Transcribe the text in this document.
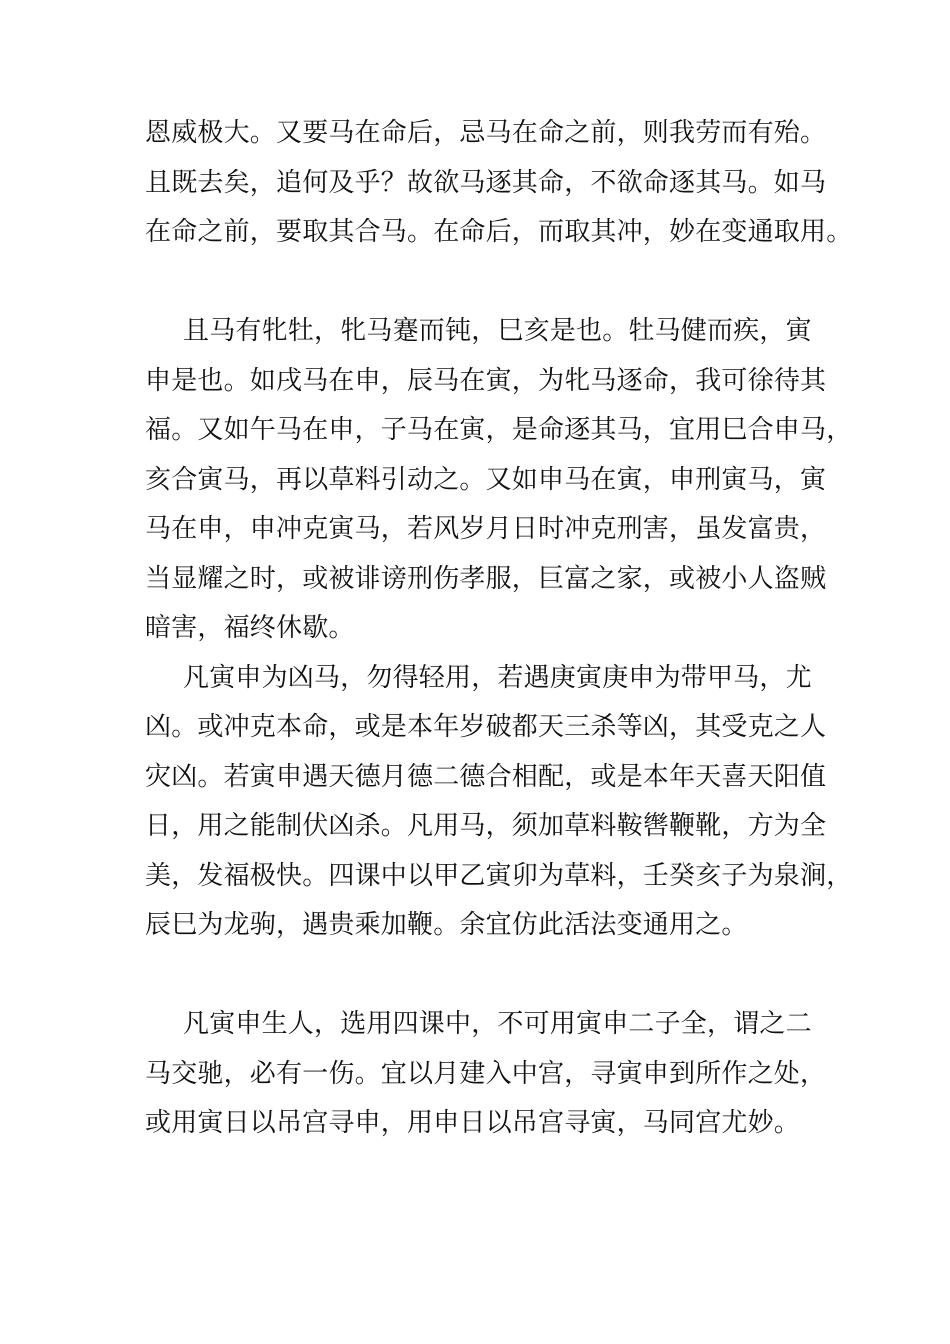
恩威极大。又要马在命后，忌马在命之前，则我劳而有殆。
且既去矣，追何及乎？故欲马逐其命，不欲命逐其马。如马
在命之前，要取其合马。在命后，而取其冲，妙在变通取用。
且马有牝牡，牝马蹇而钝，巳亥是也。牡马健而疾，寅
申是也。如戌马在申，辰马在寅，为牝马逐命，我可徐待其
福。又如午马在申，子马在寅，是命逐其马，宜用巳合申马，
亥合寅马，再以草料引动之。又如申马在寅，申刑寅马，寅
马在申，申冲克寅马，若风岁月日时冲克刑害，虽发富贵，
当显耀之时，或被诽谤刑伤孝服，巨富之家，或被小人盗贼
暗害，福终休歇。
凡寅申为凶马，勿得轻用，若遇庚寅庚申为带甲马，尤
凶。或冲克本命，或是本年岁破都天三杀等凶，其受克之人
灾凶。若寅申遇天德月德二德合相配，或是本年天喜天阳值
日，用之能制伏凶杀。凡用马，须加草料鞍辔鞭靴，方为全
美，发福极快。四课中以甲乙寅卯为草料，壬癸亥子为泉涧，
辰巳为龙驹，遇贵乘加鞭。余宜仿此活法变通用之。
凡寅申生人，选用四课中，不可用寅申二子全，谓之二
马交驰，必有一伤。宜以月建入中宫，寻寅申到所作之处，
或用寅日以吊宫寻申，用申日以吊宫寻寅，马同宫尤妙。
